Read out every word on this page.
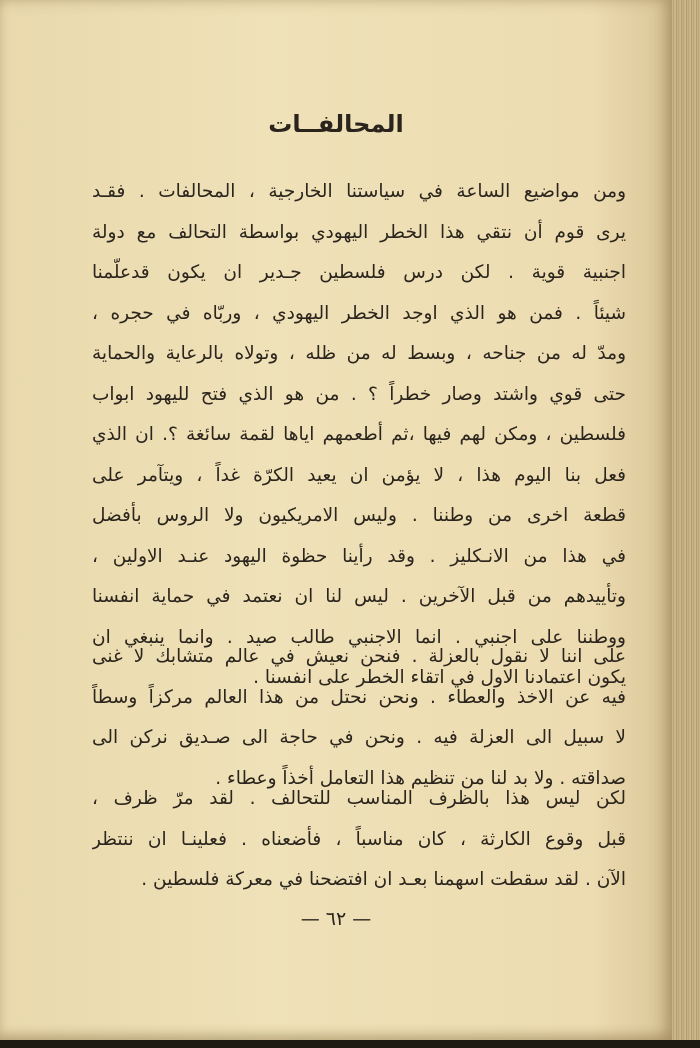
المحالفــات
ومن مواضيع الساعة في سياستنا الخارجية ، المحالفات . فقـد
يرى قوم أن نتقي هذا الخطر اليهودي بواسطة التحالف مع دولة
اجنبية قوية . لكن درس فلسطين جـدير ان يكون قدعلّمنا
شيئاً . فمن هو الذي اوجد الخطر اليهودي ، وربّاه في حجره ،
ومدّ له من جناحه ، وبسط له من ظله ، وتولاه بالرعاية والحماية
حتى قوي واشتد وصار خطراً ؟ . من هو الذي فتح لليهود ابواب
فلسطين ، ومكن لهم فيها ،ثم أطعمهم اياها لقمة سائغة ؟. ان الذي
فعل بنا اليوم هذا ، لا يؤمن ان يعيد الكرّة غداً ، ويتآمر على
قطعة اخرى من وطننا . وليس الامريكيون ولا الروس بأفضل
في هذا من الانـكليز . وقد رأينا حظوة اليهود عنـد الاولين ،
وتأييدهم من قبل الآخرين . ليس لنا ان نعتمد في حماية انفسنا
ووطننا على اجنبي . انما الاجنبي طالب صيد . وانما ينبغي ان
يكون اعتمادنا الاول في اتقاء الخطر على انفسنا .
على اننا لا نقول بالعزلة . فنحن نعيش في عالم متشابك لا غنى
فيه عن الاخذ والعطاء . ونحن نحتل من هذا العالم مركزاً وسطاً
لا سبيل الى العزلة فيه . ونحن في حاجة الى صـديق نركن الى
صداقته . ولا بد لنا من تنظيم هذا التعامل أخذاً وعطاء .
لكن ليس هذا بالظرف المناسب للتحالف . لقد مرّ ظرف ،
قبل وقوع الكارثة ، كان مناسباً ، فأضعناه . فعلينـا ان ننتظر
الآن . لقد سقطت اسهمنا بعـد ان افتضحنا في معركة فلسطين .
— ٦٢ —
